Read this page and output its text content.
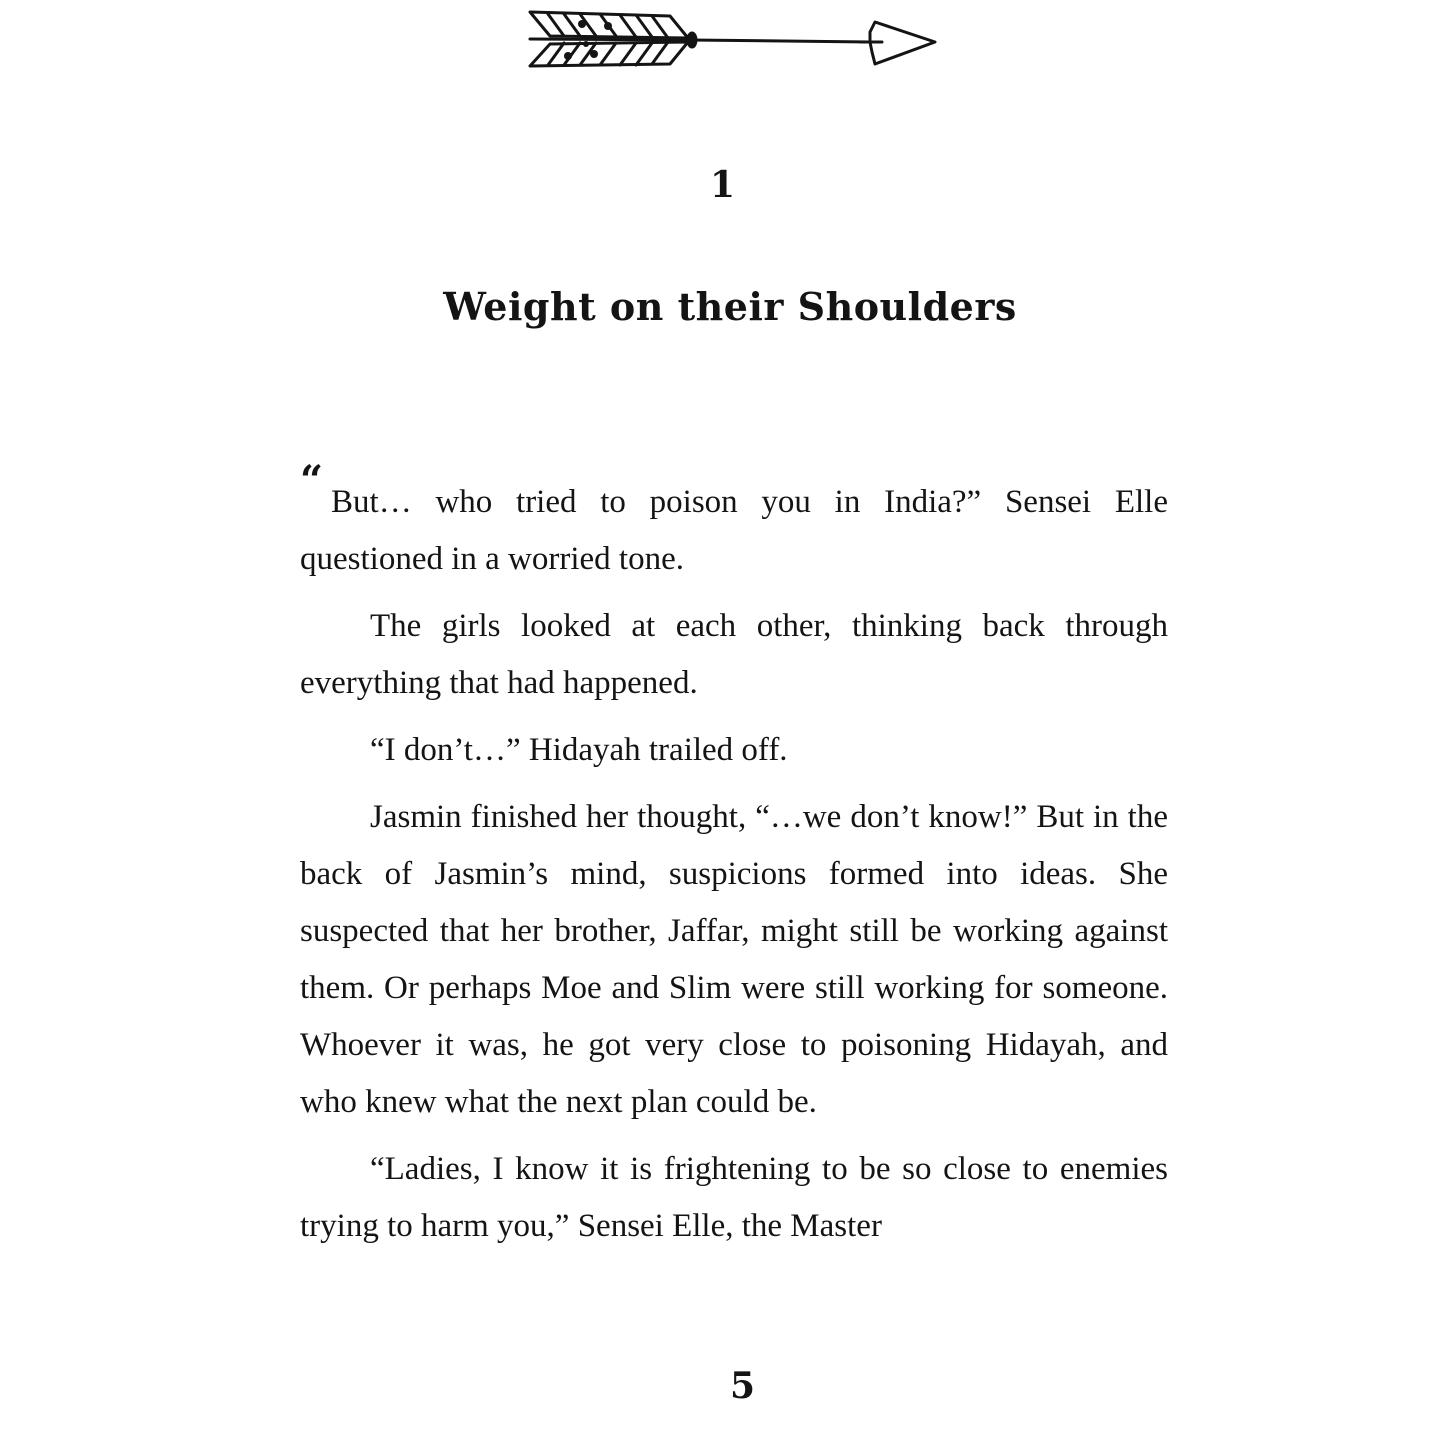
1
Weight on their Shoulders

“ But… who tried to poison you in India?” Sensei Elle questioned in a worried tone.

The girls looked at each other, thinking back through everything that had happened.

“I don’t…” Hidayah trailed off.

Jasmin finished her thought, “…we don’t know!” But in the back of Jasmin’s mind, suspicions formed into ideas. She suspected that her brother, Jaffar, might still be working against them. Or perhaps Moe and Slim were still working for someone. Whoever it was, he got very close to poisoning Hidayah, and who knew what the next plan could be.

“Ladies, I know it is frightening to be so close to enemies trying to harm you,” Sensei Elle, the Master

5
